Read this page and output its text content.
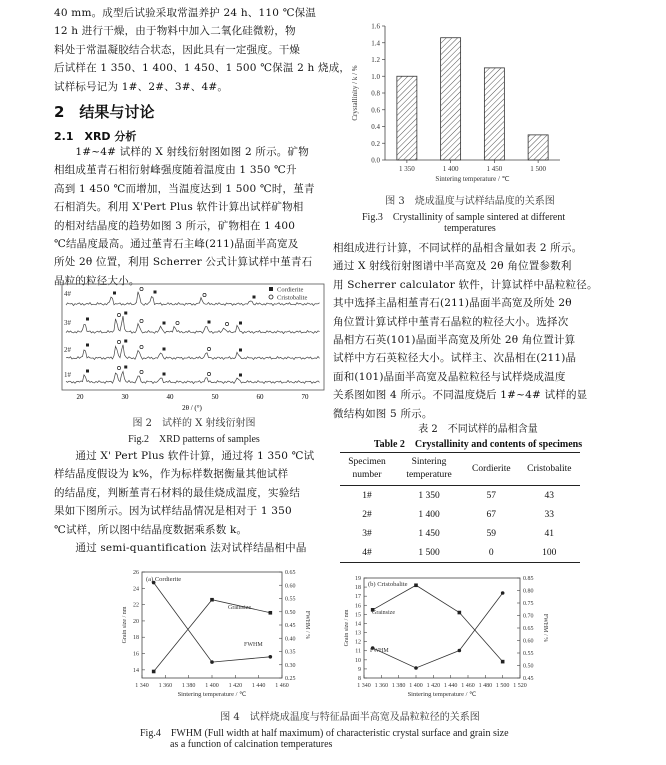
40 mm。成型后试验采取常温养护 24 h、110 ℃保温
12 h 进行干燥，由于物料中加入二氧化硅微粉，物
料处于常温凝胶结合状态，因此具有一定强度。干燥
后试样在 1 350、1 400、1 450、1 500 ℃保温 2 h 烧成，
试样标号记为 1#、2#、3#、4#。
2　结果与讨论
2.1　XRD 分析
　　1#~4# 试样的 X 射线衍射图如图 2 所示。矿物
相组成堇青石相衍射峰强度随着温度由 1 350 ℃升
高到 1 450 ℃而增加，当温度达到 1 500 ℃时，堇青
石相消失。利用 X'Pert Plus 软件计算出试样矿物相
的相对结晶度的趋势如图 3 所示，矿物相在 1 400
℃结晶度最高。通过堇青石主峰(211)晶面半高宽及
所处 2θ 位置，利用 Scherrer 公式计算试样中堇青石
晶粒的粒径大小。
4#
3#
2#
1#
Cordierite
Cristobalite
20	30	40	50	60	70
2θ / (°)
图 2　试样的 X 射线衍射图
Fig.2　XRD patterns of samples
　　通过 X' Pert Plus 软件计算，通过将 1 350 ℃试
样结晶度假设为 k%，作为标样数据衡量其他试样
的结晶度，判断堇青石材料的最佳烧成温度，实验结
果如下图所示。因为试样结晶情况是相对于 1 350
℃试样，所以图中结晶度数据乘系数 k。
　　通过 semi-quantification 法对试样结晶相中晶
0.0
0.2
0.4
0.6
0.8
1.0
1.2
1.4
1.6
1 350	1 400	1 450	1 500
Sintering temperature / ℃
Crystallinity / k / %
图 3　烧成温度与试样结晶度的关系图
Fig.3　Crystallinity of sample sintered at different
temperatures
相组成进行计算，不同试样的晶相含量如表 2 所示。
通过 X 射线衍射图谱中半高宽及 2θ 角位置参数利
用 Scherrer calculator 软件，计算试样中晶粒粒径。
其中选择主晶相堇青石(211)晶面半高宽及所处 2θ
角位置计算试样中堇青石晶粒的粒径大小。选择次
晶相方石英(101)晶面半高宽及所处 2θ 角位置计算
试样中方石英粒径大小。试样主、次晶相在(211)晶
面和(101)晶面半高宽及晶粒粒径与试样烧成温度
关系图如图 4 所示。不同温度烧后 1#~4# 试样的显
微结构如图 5 所示。
表 2　不同试样的晶相含量
Table 2　Crystallinity and contents of specimens
Specimen number	Sintering temperature	Cordierite	Cristobalite
1#	1 350	57	43
2#	1 400	67	33
3#	1 450	59	41
4#	1 500	0	100
1 340 1 360 1 380 1 400 1 420 1 440 1 460
14
16
18
20
22
24
26
0.25
0.30
0.35
0.40
0.45
0.50
0.55
0.60
0.65
(a) Cordierite
Grainsize
FWHM
Sintering temperature / ℃
Grain size / nm	FWHM / %
1 340 1 360 1 380 1 400 1 420 1 440 1 460 1 480 1 500 1 520
8
9
10
11
12
13
14
15
16
17
18
19
0.45
0.50
0.55
0.60
0.65
0.70
0.75
0.80
0.85
(b) Cristobalite
Grainsize
FWHM
Sintering temperature / ℃
Grain size / nm	FWHM / %
图 4　试样烧成温度与特征晶面半高宽及晶粒粒径的关系图
Fig.4　FWHM (Full width at half maximum) of characteristic crystal surface and grain size
as a function of calcination temperatures
